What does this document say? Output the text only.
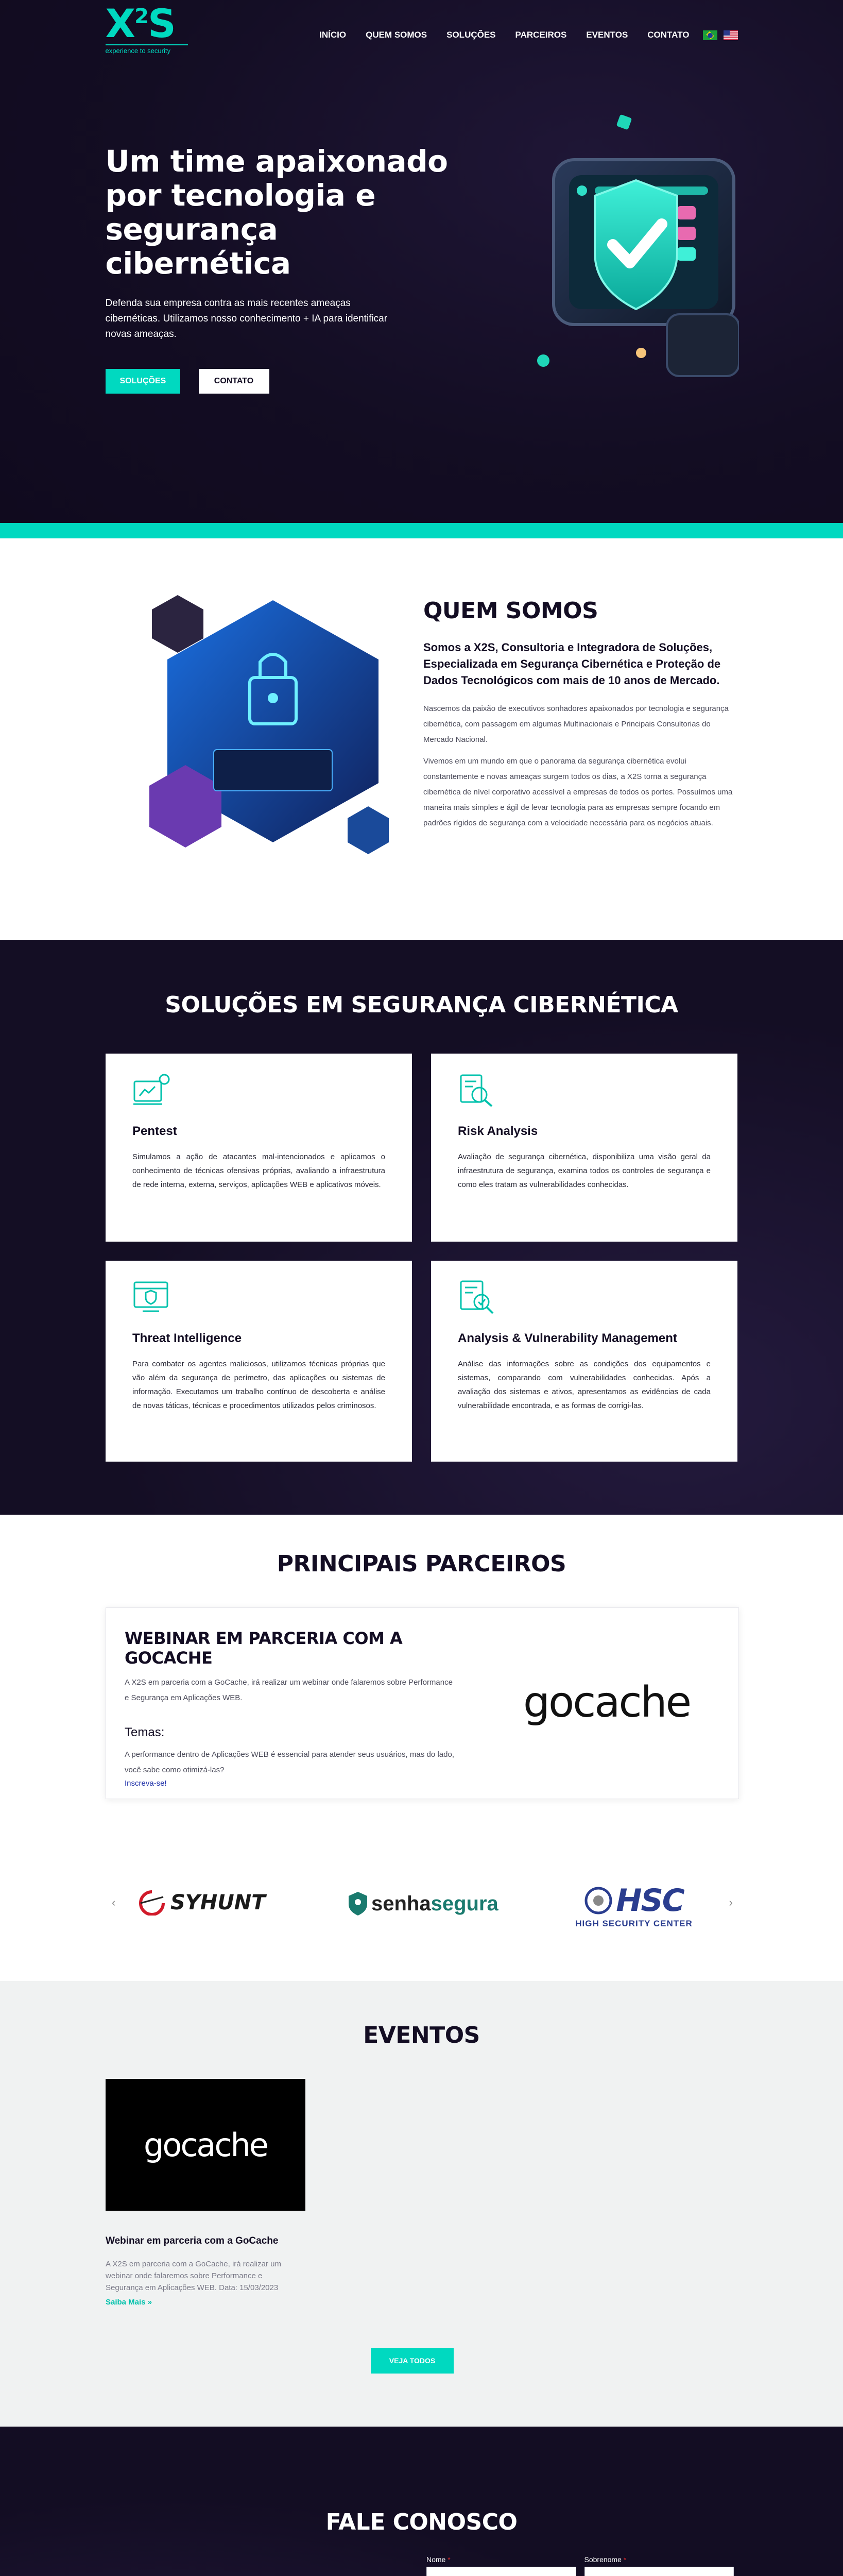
$X^2S$
experience to security
INÍCIO QUEM SOMOS SOLUÇÕES PARCEIROS EVENTOS CONTATO
Um time apaixonado por tecnologia e segurança cibernética

Defenda sua empresa contra as mais recentes ameaças cibernéticas. Utilizamos nosso conhecimento + IA para identificar novas ameaças.

SOLUÇÕES	CONTATO
QUEM SOMOS

Somos a X2S, Consultoria e Integradora de Soluções, Especializada em Segurança Cibernética e Proteção de Dados Tecnológicos com mais de 10 anos de Mercado.

Nascemos da paixão de executivos sonhadores apaixonados por tecnologia e segurança cibernética, com passagem em algumas Multinacionais e Principais Consultorias do Mercado Nacional.

Vivemos em um mundo em que o panorama da segurança cibernética evolui constantemente e novas ameaças surgem todos os dias, a X2S torna a segurança cibernética de nível corporativo acessível a empresas de todos os portes. Possuímos uma maneira mais simples e ágil de levar tecnologia para as empresas sempre focando em padrões rígidos de segurança com a velocidade necessária para os negócios atuais.

SOLUÇÕES EM SEGURANÇA CIBERNÉTICA
Pentest

Simulamos a ação de atacantes mal-intencionados e aplicamos o conhecimento de técnicas ofensivas próprias, avaliando a infraestrutura de rede interna, externa, serviços, aplicações WEB e aplicativos móveis.

Risk Analysis

Avaliação de segurança cibernética, disponibiliza uma visão geral da infraestrutura de segurança, examina todos os controles de segurança e como eles tratam as vulnerabilidades conhecidas.

Threat Intelligence

Para combater os agentes maliciosos, utilizamos técnicas próprias que vão além da segurança de perímetro, das aplicações ou sistemas de informação. Executamos um trabalho contínuo de descoberta e análise de novas táticas, técnicas e procedimentos utilizados pelos criminosos.

Analysis & Vulnerability Management

Análise das informações sobre as condições dos equipamentos e sistemas, comparando com vulnerabilidades conhecidas. Após a avaliação dos sistemas e ativos, apresentamos as evidências de cada vulnerabilidade encontrada, e as formas de corrigi-las.

PRINCIPAIS PARCEIROS
WEBINAR EM PARCERIA COM A GOCACHE

A X2S em parceria com a GoCache, irá realizar um webinar onde falaremos sobre Performance e Segurança em Aplicações WEB.

Temas:

A performance dentro de Aplicações WEB é essencial para atender seus usuários, mas do lado, você sabe como otimizá-las?

Inscreva-se!
gocache
‹	SYHUNT	senhasegura	HSC
HIGH SECURITY CENTER
›
EVENTOS
gocache
Webinar em parceria com a GoCache

A X2S em parceria com a GoCache, irá realizar um webinar onde falaremos sobre Performance e Segurança em Aplicações WEB. Data: 15/03/2023

Saiba Mais »
VEJA TODOS
FALE CONOSCO

Nome *	Sobrenome *
